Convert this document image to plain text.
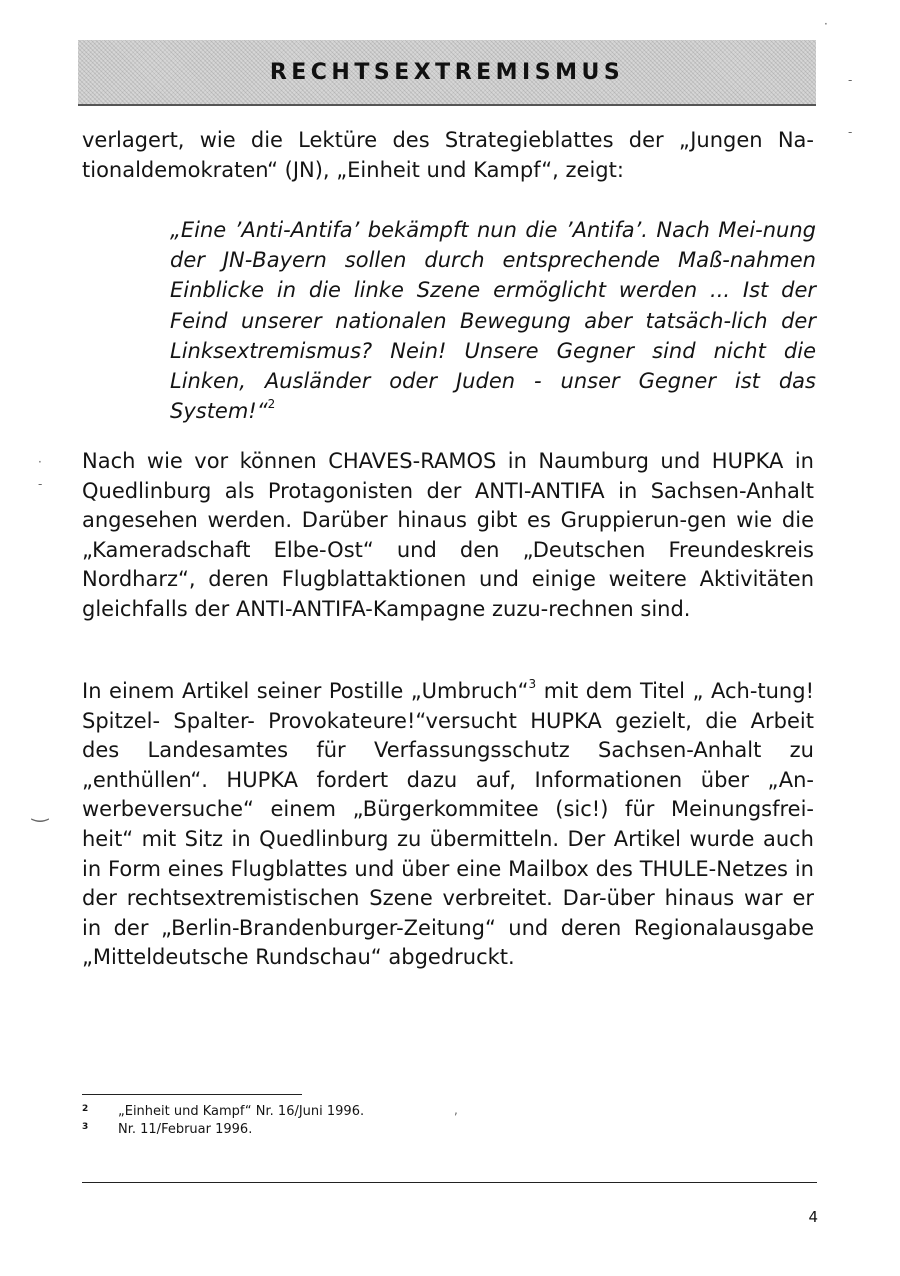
RECHTSEXTREMISMUS
verlagert, wie die Lektüre des Strategieblattes der „Jungen Na-tionaldemokraten“ (JN), „Einheit und Kampf“, zeigt:
„Eine ’Anti-Antifa’ bekämpft nun die ’Antifa’. Nach Mei-nung der JN-Bayern sollen durch entsprechende Maß-nahmen Einblicke in die linke Szene ermöglicht werden ... Ist der Feind unserer nationalen Bewegung aber tatsäch-lich der Linksextremismus? Nein! Unsere Gegner sind nicht die Linken, Ausländer oder Juden - unser Gegner ist das System!“$^2$
Nach wie vor können CHAVES-RAMOS in Naumburg und HUPKA in Quedlinburg als Protagonisten der ANTI-ANTIFA in Sachsen-Anhalt angesehen werden. Darüber hinaus gibt es Gruppierun-gen wie die „Kameradschaft Elbe-Ost“ und den „Deutschen Freundeskreis Nordharz“, deren Flugblattaktionen und einige weitere Aktivitäten gleichfalls der ANTI-ANTIFA-Kampagne zuzu-rechnen sind.
In einem Artikel seiner Postille „Umbruch“$^3$ mit dem Titel „ Ach-tung! Spitzel- Spalter- Provokateure!“versucht HUPKA gezielt, die Arbeit des Landesamtes für Verfassungsschutz Sachsen-Anhalt zu „enthüllen“. HUPKA fordert dazu auf, Informationen über „An-werbeversuche“ einem „Bürgerkommitee (sic!) für Meinungsfrei-heit“ mit Sitz in Quedlinburg zu übermitteln. Der Artikel wurde auch in Form eines Flugblattes und über eine Mailbox des THULE-Netzes in der rechtsextremistischen Szene verbreitet. Dar-über hinaus war er in der „Berlin-Brandenburger-Zeitung“ und deren Regionalausgabe „Mitteldeutsche Rundschau“ abgedruckt.
2	„Einheit und Kampf“ Nr. 16/Juni 1996.
3	Nr. 11/Februar 1996.
4
·
-
-
·
-
‿
,
